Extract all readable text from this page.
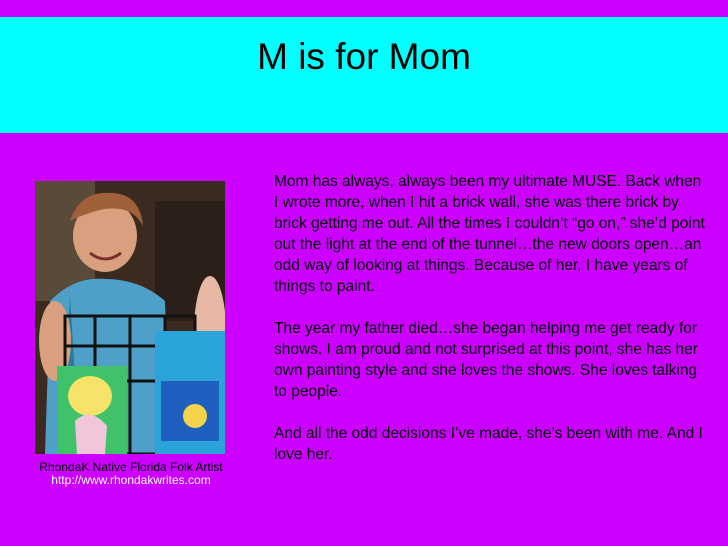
M is for Mom
RhondaK Native Florida Folk Artist
http://www.rhondakwrites.com

Mom has always, always been my ultimate MUSE. Back when I wrote more, when I hit a brick wall, she was there brick by brick getting me out. All the times I couldn’t “go on,” she’d point out the light at the end of the tunnel…the new doors open…an odd way of looking at things. Because of her, I have years of things to paint.

The year my father died…she began helping me get ready for shows. I am proud and not surprised at this point, she has her own painting style and she loves the shows. She loves talking to people.

And all the odd decisions I’ve made, she’s been with me. And I love her.
